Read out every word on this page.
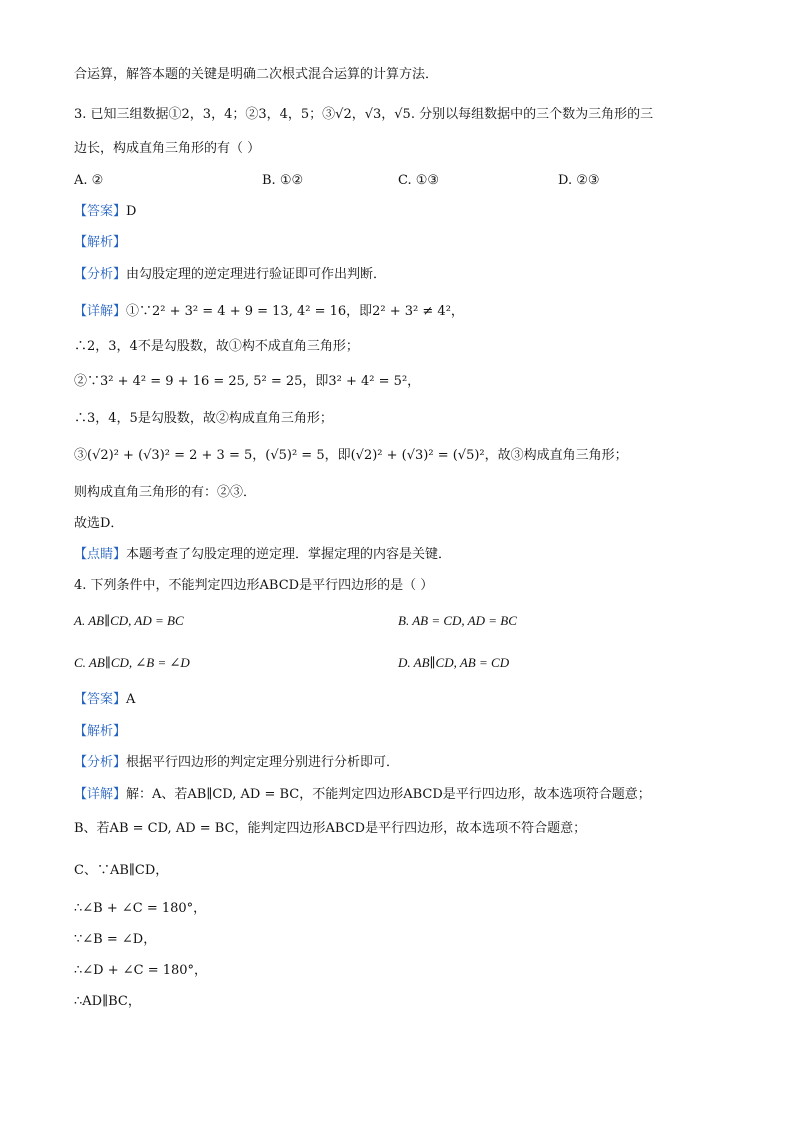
合运算，解答本题的关键是明确二次根式混合运算的计算方法．
3. 已知三组数据①2，3，4；②3，4，5；③√2，√3，√5. 分别以每组数据中的三个数为三角形的三
边长，构成直角三角形的有（ ）
A. ②	B. ①②	C. ①③	D. ②③
【答案】D
【解析】
【分析】由勾股定理的逆定理进行验证即可作出判断．
【详解】①∵2² + 3² = 4 + 9 = 13, 4² = 16，即2² + 3² ≠ 4²，
∴2，3，4不是勾股数，故①构不成直角三角形；
②∵3² + 4² = 9 + 16 = 25, 5² = 25，即3² + 4² = 5²，
∴3，4，5是勾股数，故②构成直角三角形；
③(√2)² + (√3)² = 2 + 3 = 5，(√5)² = 5，即(√2)² + (√3)² = (√5)²，故③构成直角三角形；
则构成直角三角形的有：②③．
故选D．
【点睛】本题考查了勾股定理的逆定理．掌握定理的内容是关键．
4. 下列条件中，不能判定四边形ABCD是平行四边形的是（ ）
A. AB∥CD, AD = BC	B. AB = CD, AD = BC
C. AB∥CD, ∠B = ∠D	D. AB∥CD, AB = CD
【答案】A
【解析】
【分析】根据平行四边形的判定定理分别进行分析即可．
【详解】解：A、若AB∥CD, AD = BC，不能判定四边形ABCD是平行四边形，故本选项符合题意；
B、若AB = CD, AD = BC，能判定四边形ABCD是平行四边形，故本选项不符合题意；
C、∵AB∥CD，
∴∠B + ∠C = 180°，
∵∠B = ∠D，
∴∠D + ∠C = 180°，
∴AD∥BC，
